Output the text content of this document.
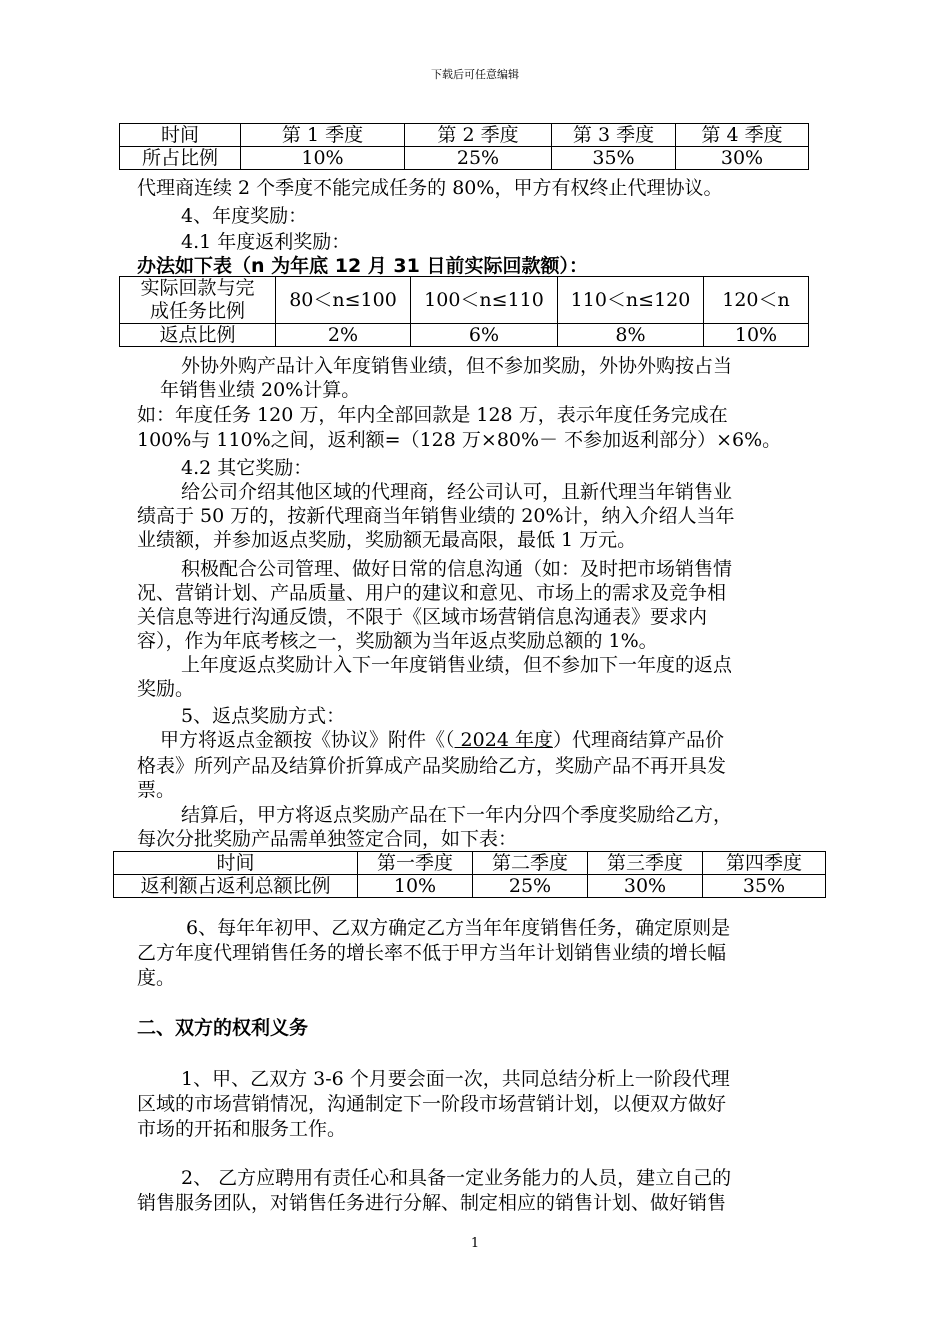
下载后可任意编辑
时间	第 1 季度	第 2 季度	第 3 季度	第 4 季度
所占比例	10%	25%	35%	30%
代理商连续 2 个季度不能完成任务的 80%，甲方有权终止代理协议。
4、年度奖励：
4.1 年度返利奖励：
办法如下表（n 为年底 12 月 31 日前实际回款额）：
实际回款与完
成任务比例	80＜n≤100	100＜n≤110	110＜n≤120	120＜n
返点比例	2%	6%	8%	10%
外协外购产品计入年度销售业绩，但不参加奖励，外协外购按占当
年销售业绩 20%计算。
如：年度任务 120 万，年内全部回款是 128 万，表示年度任务完成在
100%与 110%之间，返利额=（128 万×80%－ 不参加返利部分）×6%。
4.2 其它奖励：
给公司介绍其他区域的代理商，经公司认可，且新代理当年销售业
绩高于 50 万的，按新代理商当年销售业绩的 20%计，纳入介绍人当年
业绩额，并参加返点奖励，奖励额无最高限，最低 1 万元。
积极配合公司管理、做好日常的信息沟通（如：及时把市场销售情
况、营销计划、产品质量、用户的建议和意见、市场上的需求及竞争相
关信息等进行沟通反馈，不限于《区域市场营销信息沟通表》要求内
容），作为年底考核之一，奖励额为当年返点奖励总额的 1%。
上年度返点奖励计入下一年度销售业绩，但不参加下一年度的返点
奖励。
5、返点奖励方式：
甲方将返点金额按《协议》附件《（ 2024 年度）代理商结算产品价
格表》所列产品及结算价折算成产品奖励给乙方，奖励产品不再开具发
票。
结算后，甲方将返点奖励产品在下一年内分四个季度奖励给乙方，
每次分批奖励产品需单独签定合同，如下表：
时间	第一季度	第二季度	第三季度	第四季度
返利额占返利总额比例	10%	25%	30%	35%
6、每年年初甲、乙双方确定乙方当年年度销售任务，确定原则是
乙方年度代理销售任务的增长率不低于甲方当年计划销售业绩的增长幅
度。
二、双方的权利义务
1、甲、乙双方 3-6 个月要会面一次，共同总结分析上一阶段代理
区域的市场营销情况，沟通制定下一阶段市场营销计划，以便双方做好
市场的开拓和服务工作。
2、 乙方应聘用有责任心和具备一定业务能力的人员，建立自己的
销售服务团队，对销售任务进行分解、制定相应的销售计划、做好销售
1
